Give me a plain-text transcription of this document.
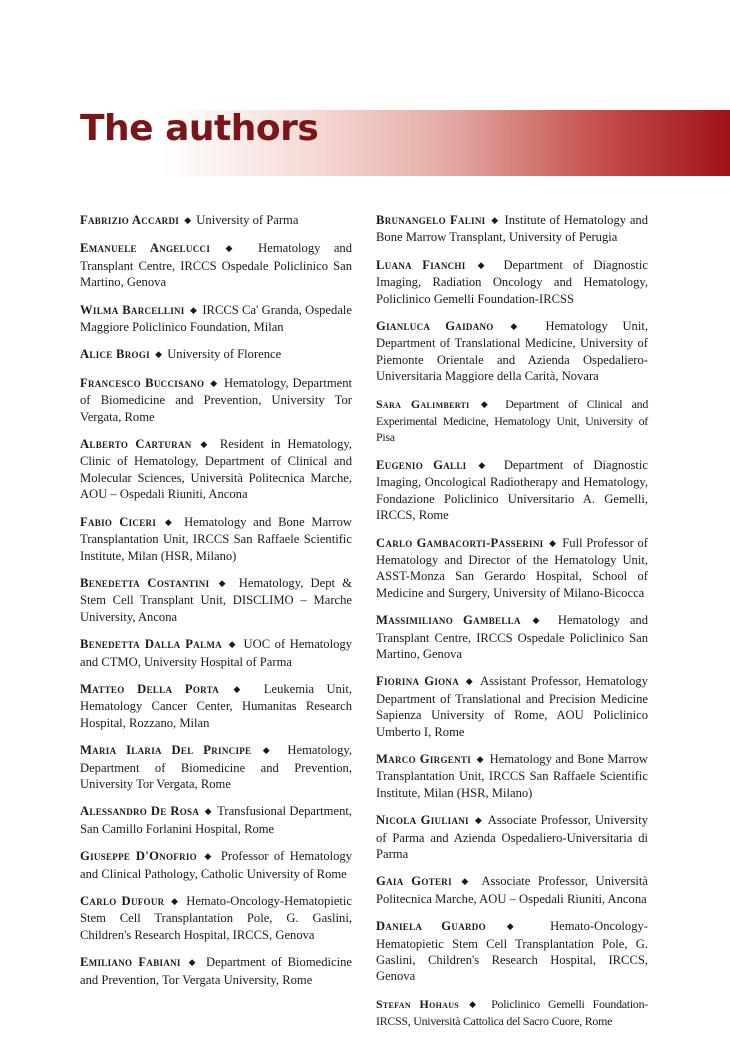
The authors

Fabrizio Accardi ◆ University of Parma

Emanuele Angelucci ◆ Hematology and Transplant Centre, IRCCS Ospedale Policlinico San Martino, Genova

Wilma Barcellini ◆ IRCCS Ca' Granda, Ospedale Maggiore Policlinico Foundation, Milan

Alice Brogi ◆ University of Florence

Francesco Buccisano ◆ Hematology, Department of Biomedicine and Prevention, University Tor Vergata, Rome

Alberto Carturan ◆ Resident in Hematology, Clinic of Hematology, Department of Clinical and Molecular Sciences, Università Politecnica Marche, AOU – Ospedali Riuniti, Ancona

Fabio Ciceri ◆ Hematology and Bone Marrow Transplantation Unit, IRCCS San Raffaele Scientific Institute, Milan (HSR, Milano)

Benedetta Costantini ◆ Hematology, Dept & Stem Cell Transplant Unit, DISCLIMO – Marche University, Ancona

Benedetta Dalla Palma ◆ UOC of Hematology and CTMO, University Hospital of Parma

Matteo Della Porta ◆ Leukemia Unit, Hematology Cancer Center, Humanitas Research Hospital, Rozzano, Milan

Maria Ilaria Del Principe ◆ Hematology, Department of Biomedicine and Prevention, University Tor Vergata, Rome

Alessandro De Rosa ◆ Transfusional Department, San Camillo Forlanini Hospital, Rome

Giuseppe D'Onofrio ◆ Professor of Hematology and Clinical Pathology, Catholic University of Rome

Carlo Dufour ◆ Hemato-Oncology-Hematopietic Stem Cell Transplantation Pole, G. Gaslini, Children's Research Hospital, IRCCS, Genova

Emiliano Fabiani ◆ Department of Biomedicine and Prevention, Tor Vergata University, Rome

Brunangelo Falini ◆ Institute of Hematology and Bone Marrow Transplant, University of Perugia

Luana Fianchi ◆ Department of Diagnostic Imaging, Radiation Oncology and Hematology, Policlinico Gemelli Foundation-IRCSS

Gianluca Gaidano ◆ Hematology Unit, Department of Translational Medicine, University of Piemonte Orientale and Azienda Ospedaliero-Universitaria Maggiore della Carità, Novara

Sara Galimberti ◆ Department of Clinical and Experimental Medicine, Hematology Unit, University of Pisa

Eugenio Galli ◆ Department of Diagnostic Imaging, Oncological Radiotherapy and Hematology, Fondazione Policlinico Universitario A. Gemelli, IRCCS, Rome

Carlo Gambacorti-Passerini ◆ Full Professor of Hematology and Director of the Hematology Unit, ASST-Monza San Gerardo Hospital, School of Medicine and Surgery, University of Milano-Bicocca

Massimiliano Gambella ◆ Hematology and Transplant Centre, IRCCS Ospedale Policlinico San Martino, Genova

Fiorina Giona ◆ Assistant Professor, Hematology Department of Translational and Precision Medicine Sapienza University of Rome, AOU Policlinico Umberto I, Rome

Marco Girgenti ◆ Hematology and Bone Marrow Transplantation Unit, IRCCS San Raffaele Scientific Institute, Milan (HSR, Milano)

Nicola Giuliani ◆ Associate Professor, University of Parma and Azienda Ospedaliero-Universitaria di Parma

Gaia Goteri ◆ Associate Professor, Università Politecnica Marche, AOU – Ospedali Riuniti, Ancona

Daniela Guardo ◆ Hemato-Oncology-Hematopietic Stem Cell Transplantation Pole, G. Gaslini, Children's Research Hospital, IRCCS, Genova

Stefan Hohaus ◆ Policlinico Gemelli Foundation-IRCSS, Università Cattolica del Sacro Cuore, Rome
